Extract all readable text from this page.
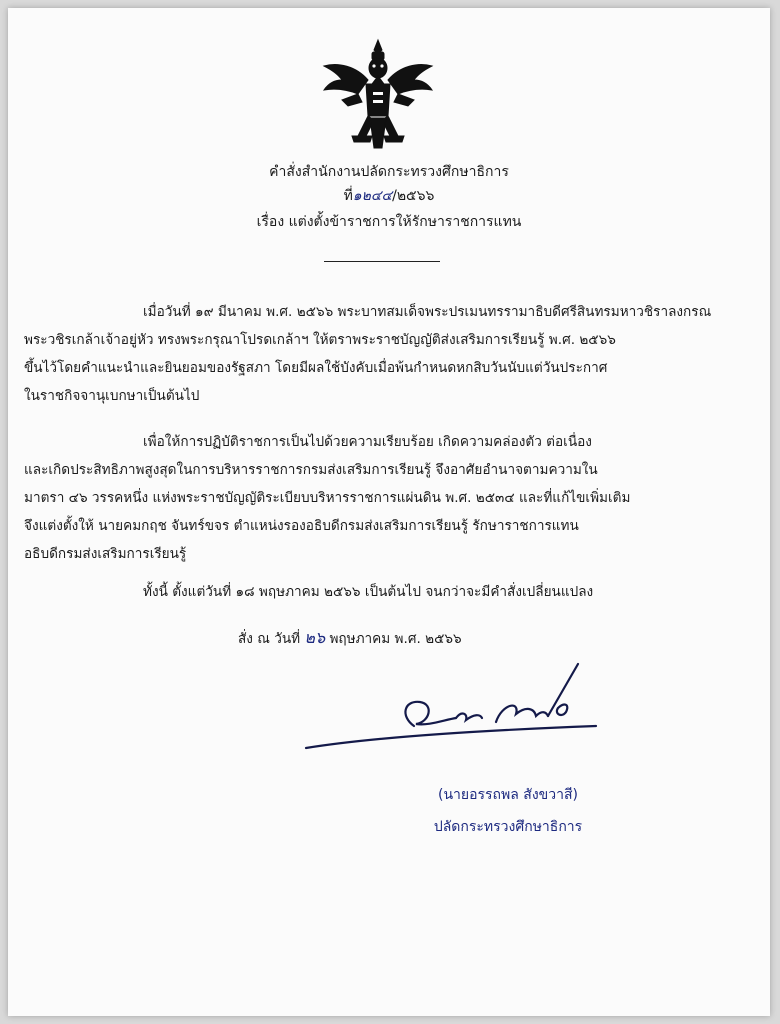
คำสั่งสำนักงานปลัดกระทรวงศึกษาธิการ
ที่๑๒๔๔/๒๕๖๖
เรื่อง แต่งตั้งข้าราชการให้รักษาราชการแทน
เมื่อวันที่ ๑๙ มีนาคม พ.ศ. ๒๕๖๖ พระบาทสมเด็จพระปรเมนทรรามาธิบดีศรีสินทรมหาวชิราลงกรณ
พระวชิรเกล้าเจ้าอยู่หัว ทรงพระกรุณาโปรดเกล้าฯ ให้ตราพระราชบัญญัติส่งเสริมการเรียนรู้ พ.ศ. ๒๕๖๖
ขึ้นไว้โดยคำแนะนำและยินยอมของรัฐสภา โดยมีผลใช้บังคับเมื่อพ้นกำหนดหกสิบวันนับแต่วันประกาศ
ในราชกิจจานุเบกษาเป็นต้นไป
เพื่อให้การปฏิบัติราชการเป็นไปด้วยความเรียบร้อย เกิดความคล่องตัว ต่อเนื่อง
และเกิดประสิทธิภาพสูงสุดในการบริหารราชการกรมส่งเสริมการเรียนรู้ จึงอาศัยอำนาจตามความใน
มาตรา ๔๖ วรรคหนึ่ง แห่งพระราชบัญญัติระเบียบบริหารราชการแผ่นดิน พ.ศ. ๒๕๓๔ และที่แก้ไขเพิ่มเติม
จึงแต่งตั้งให้ นายคมกฤช จันทร์ขจร ตำแหน่งรองอธิบดีกรมส่งเสริมการเรียนรู้ รักษาราชการแทน
อธิบดีกรมส่งเสริมการเรียนรู้
ทั้งนี้ ตั้งแต่วันที่ ๑๘ พฤษภาคม ๒๕๖๖ เป็นต้นไป จนกว่าจะมีคำสั่งเปลี่ยนแปลง
สั่ง ณ วันที่ ๒๖ พฤษภาคม พ.ศ. ๒๕๖๖
(นายอรรถพล สังขวาสี)
ปลัดกระทรวงศึกษาธิการ
